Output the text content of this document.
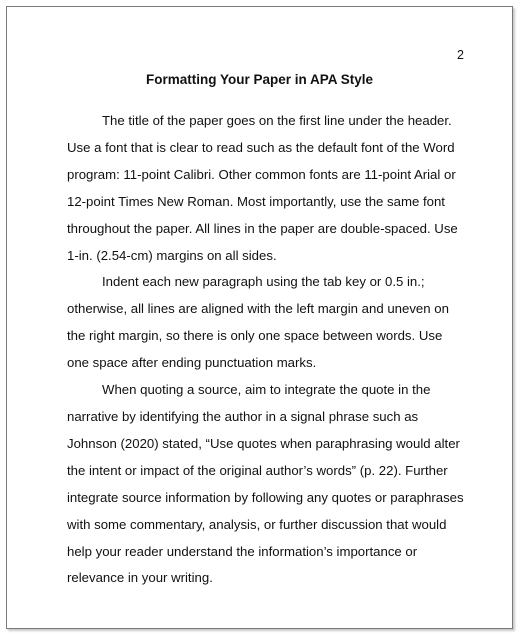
2
Formatting Your Paper in APA Style

The title of the paper goes on the first line under the header. Use a font that is clear to read such as the default font of the Word program: 11-point Calibri. Other common fonts are 11-point Arial or 12-point Times New Roman. Most importantly, use the same font throughout the paper. All lines in the paper are double-spaced. Use 1-in. (2.54-cm) margins on all sides.

Indent each new paragraph using the tab key or 0.5 in.; otherwise, all lines are aligned with the left margin and uneven on the right margin, so there is only one space between words. Use one space after ending punctuation marks.

When quoting a source, aim to integrate the quote in the narrative by identifying the author in a signal phrase such as Johnson (2020) stated, “Use quotes when paraphrasing would alter the intent or impact of the original author’s words” (p. 22). Further integrate source information by following any quotes or paraphrases with some commentary, analysis, or further discussion that would help your reader understand the information’s importance or relevance in your writing.
